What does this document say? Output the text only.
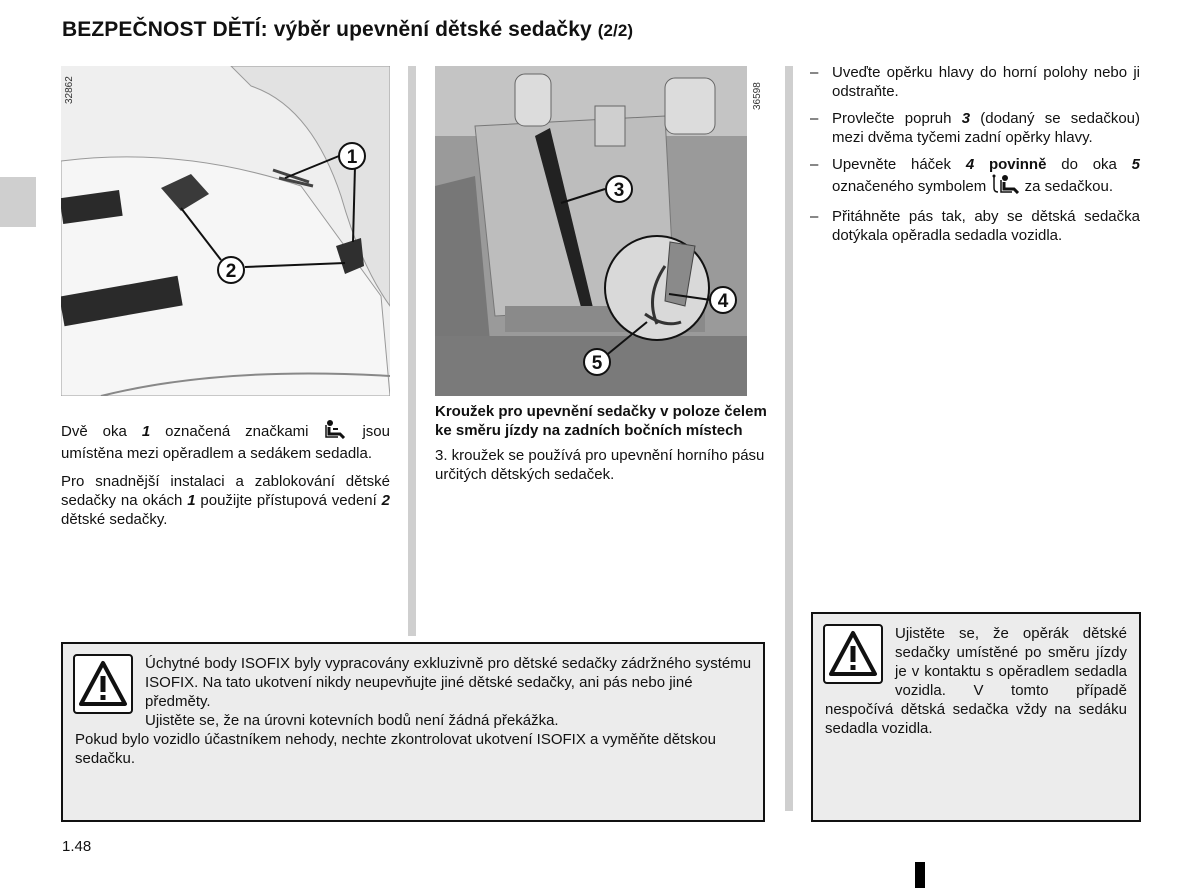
BEZPEČNOST DĚTÍ: výběr upevnění dětské sedačky (2/2)
1
2
32862
3
4
5
36598

Dvě oka 1 označená značkami  jsou umístěna mezi opěradlem a sedákem sedadla.

Pro snadnější instalaci a zablokování dětské sedačky na okách 1 použijte přístupová vedení 2 dětské sedačky.

Kroužek pro upevnění sedačky v poloze čelem ke směru jízdy na zadních bočních místech
3. kroužek se používá pro upevnění horního pásu určitých dětských sedaček.
– Uveďte opěrku hlavy do horní polohy nebo ji odstraňte.
– Provlečte popruh 3 (dodaný se sedačkou) mezi dvěma tyčemi zadní opěrky hlavy.
– Upevněte háček 4 povinně do oka 5 označeného symbolem  za sedačkou.
– Přitáhněte pás tak, aby se dětská sedačka dotýkala opěradla sedadla vozidla.
Úchytné body ISOFIX byly vypracovány exkluzivně pro dětské sedačky zádržného systému ISOFIX. Na tato ukotvení nikdy neupevňujte jiné dětské sedačky, ani pás nebo jiné předměty.
Ujistěte se, že na úrovni kotevních bodů není žádná překážka.
Pokud bylo vozidlo účastníkem nehody, nechte zkontrolovat ukotvení ISOFIX a vyměňte dětskou sedačku.
Ujistěte se, že opěrák dětské sedačky umístěné po směru jízdy je v kontaktu s opěradlem sedadla vozidla. V tomto případě nespočívá dětská sedačka vždy na sedáku sedadla vozidla.
1.48
